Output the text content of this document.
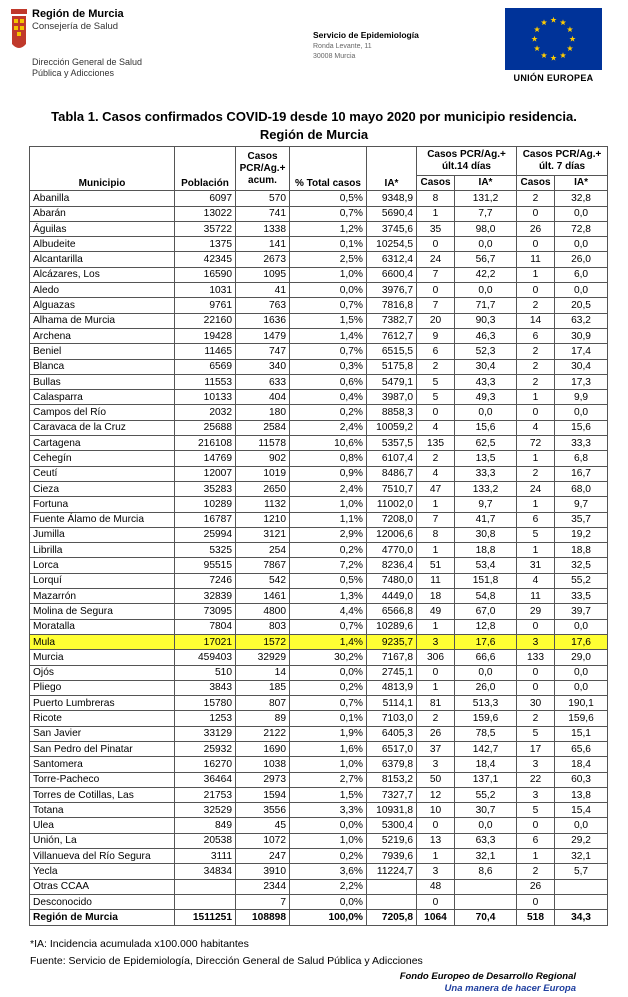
Región de Murcia
Consejería de Salud
Dirección General de Salud
Pública y Adicciones
Servicio de Epidemiología
Ronda Levante, 11
30008 Murcia
UNIÓN EUROPEA
Tabla 1. Casos confirmados COVID-19 desde 10 mayo 2020 por municipio residencia.
Región de Murcia
Municipio	Población	Casos PCR/Ag.+ acum.	% Total casos	IA*	Casos PCR/Ag.+ últ.14 días		Casos PCR/Ag.+ últ. 7 días	
					Casos	IA*	Casos	IA*
Abanilla	6097	570	0,5%	9348,9	8	131,2	2	32,8
Abarán	13022	741	0,7%	5690,4	1	7,7	0	0,0
Águilas	35722	1338	1,2%	3745,6	35	98,0	26	72,8
Albudeite	1375	141	0,1%	10254,5	0	0,0	0	0,0
Alcantarilla	42345	2673	2,5%	6312,4	24	56,7	11	26,0
Alcázares, Los	16590	1095	1,0%	6600,4	7	42,2	1	6,0
Aledo	1031	41	0,0%	3976,7	0	0,0	0	0,0
Alguazas	9761	763	0,7%	7816,8	7	71,7	2	20,5
Alhama de Murcia	22160	1636	1,5%	7382,7	20	90,3	14	63,2
Archena	19428	1479	1,4%	7612,7	9	46,3	6	30,9
Beniel	11465	747	0,7%	6515,5	6	52,3	2	17,4
Blanca	6569	340	0,3%	5175,8	2	30,4	2	30,4
Bullas	11553	633	0,6%	5479,1	5	43,3	2	17,3
Calasparra	10133	404	0,4%	3987,0	5	49,3	1	9,9
Campos del Río	2032	180	0,2%	8858,3	0	0,0	0	0,0
Caravaca de la Cruz	25688	2584	2,4%	10059,2	4	15,6	4	15,6
Cartagena	216108	11578	10,6%	5357,5	135	62,5	72	33,3
Cehegín	14769	902	0,8%	6107,4	2	13,5	1	6,8
Ceutí	12007	1019	0,9%	8486,7	4	33,3	2	16,7
Cieza	35283	2650	2,4%	7510,7	47	133,2	24	68,0
Fortuna	10289	1132	1,0%	11002,0	1	9,7	1	9,7
Fuente Álamo de Murcia	16787	1210	1,1%	7208,0	7	41,7	6	35,7
Jumilla	25994	3121	2,9%	12006,6	8	30,8	5	19,2
Librilla	5325	254	0,2%	4770,0	1	18,8	1	18,8
Lorca	95515	7867	7,2%	8236,4	51	53,4	31	32,5
Lorquí	7246	542	0,5%	7480,0	11	151,8	4	55,2
Mazarrón	32839	1461	1,3%	4449,0	18	54,8	11	33,5
Molina de Segura	73095	4800	4,4%	6566,8	49	67,0	29	39,7
Moratalla	7804	803	0,7%	10289,6	1	12,8	0	0,0
Mula	17021	1572	1,4%	9235,7	3	17,6	3	17,6
Murcia	459403	32929	30,2%	7167,8	306	66,6	133	29,0
Ojós	510	14	0,0%	2745,1	0	0,0	0	0,0
Pliego	3843	185	0,2%	4813,9	1	26,0	0	0,0
Puerto Lumbreras	15780	807	0,7%	5114,1	81	513,3	30	190,1
Ricote	1253	89	0,1%	7103,0	2	159,6	2	159,6
San Javier	33129	2122	1,9%	6405,3	26	78,5	5	15,1
San Pedro del Pinatar	25932	1690	1,6%	6517,0	37	142,7	17	65,6
Santomera	16270	1038	1,0%	6379,8	3	18,4	3	18,4
Torre-Pacheco	36464	2973	2,7%	8153,2	50	137,1	22	60,3
Torres de Cotillas, Las	21753	1594	1,5%	7327,7	12	55,2	3	13,8
Totana	32529	3556	3,3%	10931,8	10	30,7	5	15,4
Ulea	849	45	0,0%	5300,4	0	0,0	0	0,0
Unión, La	20538	1072	1,0%	5219,6	13	63,3	6	29,2
Villanueva del Río Segura	3111	247	0,2%	7939,6	1	32,1	1	32,1
Yecla	34834	3910	3,6%	11224,7	3	8,6	2	5,7
Otras CCAA		2344	2,2%		48		26	
Desconocido		7	0,0%		0		0	
Región de Murcia	1511251	108898	100,0%	7205,8	1064	70,4	518	34,3
*IA: Incidencia acumulada x100.000 habitantes
Fuente: Servicio de Epidemiología, Dirección General de Salud Pública y Adicciones
Fondo Europeo de Desarrollo Regional
Una manera de hacer Europa
